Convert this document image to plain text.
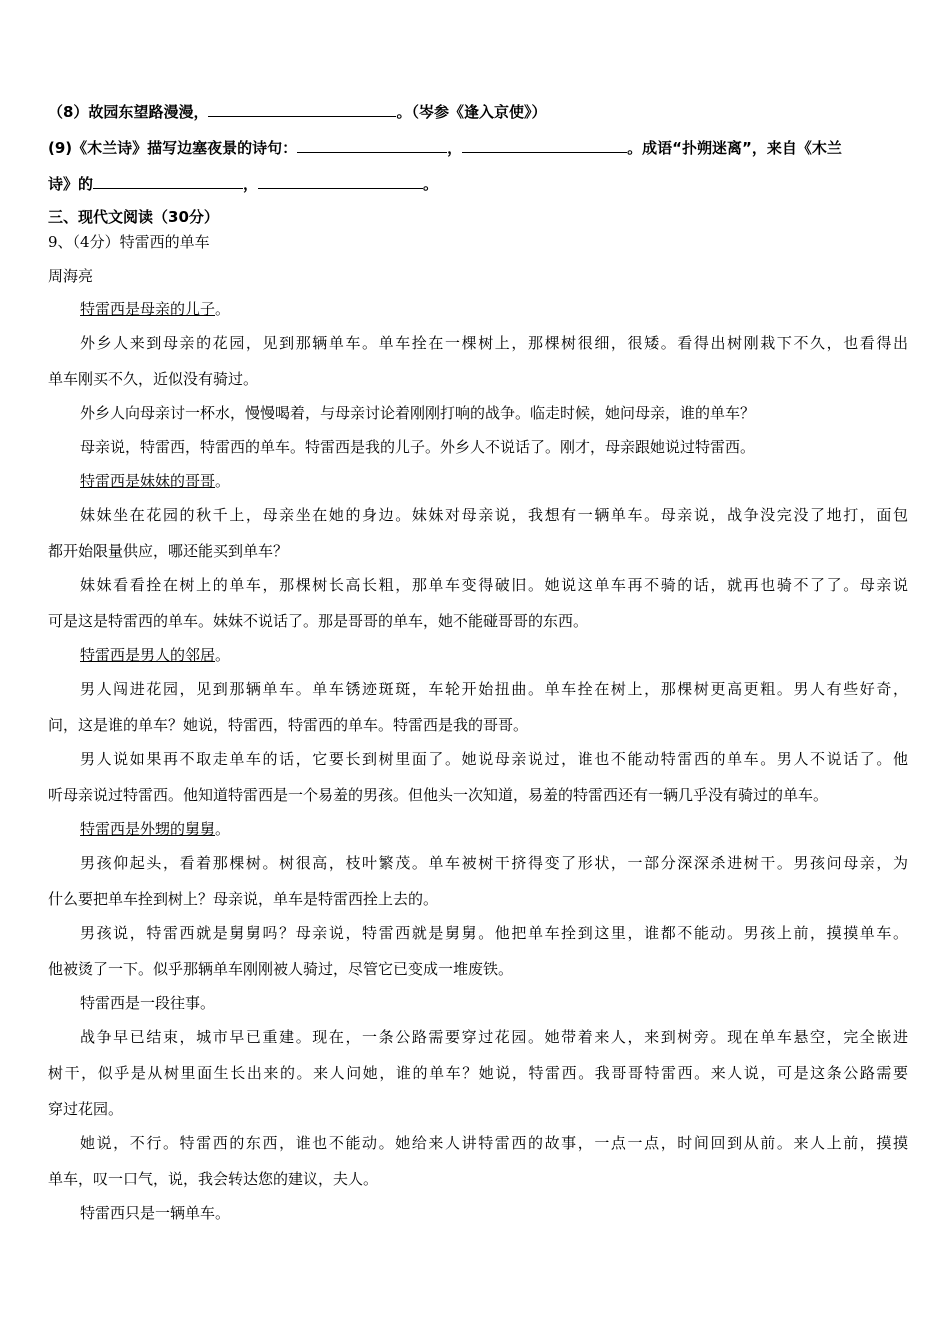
（8）故园东望路漫漫，	。（岑参《逢入京使》）
(9)《木兰诗》描写边塞夜景的诗句：	，	。成语“扑朔迷离”，来自《木兰
诗》的	，	。
三、现代文阅读（30分）
9、（4分）特雷西的单车
周海亮
特雷西是母亲的儿子。
外乡人来到母亲的花园，见到那辆单车。单车拴在一棵树上，那棵树很细，很矮。看得出树刚栽下不久，也看得出
单车刚买不久，近似没有骑过。
外乡人向母亲讨一杯水，慢慢喝着，与母亲讨论着刚刚打响的战争。临走时候，她问母亲，谁的单车？
母亲说，特雷西，特雷西的单车。特雷西是我的儿子。外乡人不说话了。刚才，母亲跟她说过特雷西。
特雷西是妹妹的哥哥。
妹妹坐在花园的秋千上，母亲坐在她的身边。妹妹对母亲说，我想有一辆单车。母亲说，战争没完没了地打，面包
都开始限量供应，哪还能买到单车？
妹妹看看拴在树上的单车，那棵树长高长粗，那单车变得破旧。她说这单车再不骑的话，就再也骑不了了。母亲说
可是这是特雷西的单车。妹妹不说话了。那是哥哥的单车，她不能碰哥哥的东西。
特雷西是男人的邻居。
男人闯进花园，见到那辆单车。单车锈迹斑斑，车轮开始扭曲。单车拴在树上，那棵树更高更粗。男人有些好奇，
问，这是谁的单车？她说，特雷西，特雷西的单车。特雷西是我的哥哥。
男人说如果再不取走单车的话，它要长到树里面了。她说母亲说过，谁也不能动特雷西的单车。男人不说话了。他
听母亲说过特雷西。他知道特雷西是一个易羞的男孩。但他头一次知道，易羞的特雷西还有一辆几乎没有骑过的单车。
特雷西是外甥的舅舅。
男孩仰起头，看着那棵树。树很高，枝叶繁茂。单车被树干挤得变了形状，一部分深深杀进树干。男孩问母亲，为
什么要把单车拴到树上？母亲说，单车是特雷西拴上去的。
男孩说，特雷西就是舅舅吗？母亲说，特雷西就是舅舅。他把单车拴到这里，谁都不能动。男孩上前，摸摸单车。
他被烫了一下。似乎那辆单车刚刚被人骑过，尽管它已变成一堆废铁。
特雷西是一段往事。
战争早已结束，城市早已重建。现在，一条公路需要穿过花园。她带着来人，来到树旁。现在单车悬空，完全嵌进
树干，似乎是从树里面生长出来的。来人问她，谁的单车？她说，特雷西。我哥哥特雷西。来人说，可是这条公路需要
穿过花园。
她说，不行。特雷西的东西，谁也不能动。她给来人讲特雷西的故事，一点一点，时间回到从前。来人上前，摸摸
单车，叹一口气，说，我会转达您的建议，夫人。
特雷西只是一辆单车。
